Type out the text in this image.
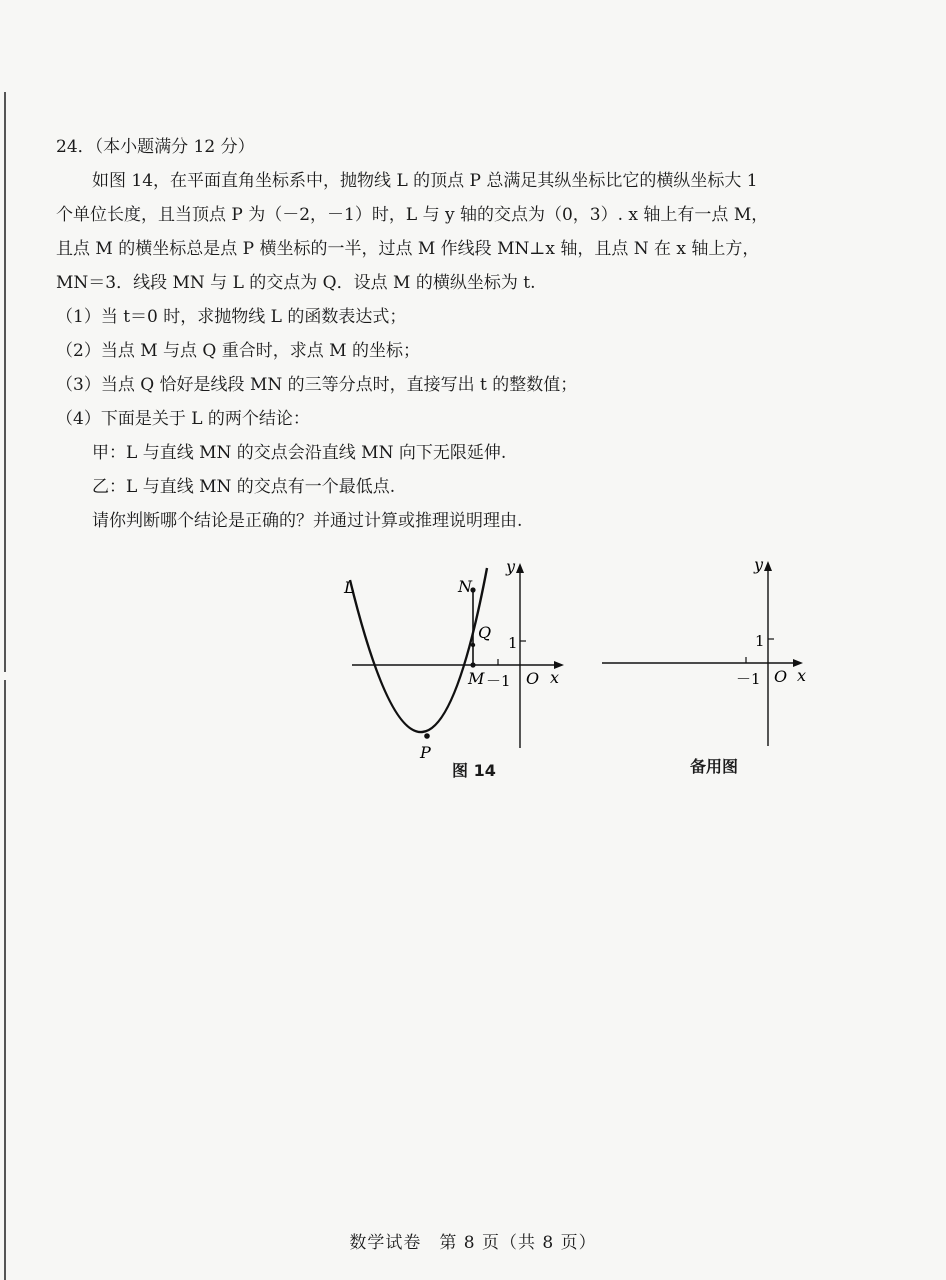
24．（本小题满分 12 分）
如图 14，在平面直角坐标系中，抛物线 L 的顶点 P 总满足其纵坐标比它的横纵坐标大 1
个单位长度，且当顶点 P 为（－2，－1）时，L 与 y 轴的交点为（0，3）. x 轴上有一点 M，
且点 M 的横坐标总是点 P 横坐标的一半，过点 M 作线段 MN⊥x 轴，且点 N 在 x 轴上方，
MN＝3．线段 MN 与 L 的交点为 Q．设点 M 的横纵坐标为 t.
（1）当 t＝0 时，求抛物线 L 的函数表达式；
（2）当点 M 与点 Q 重合时，求点 M 的坐标；
（3）当点 Q 恰好是线段 MN 的三等分点时，直接写出 t 的整数值；
（4）下面是关于 L 的两个结论：
甲：L 与直线 MN 的交点会沿直线 MN 向下无限延伸.
乙：L 与直线 MN 的交点有一个最低点.
请你判断哪个结论是正确的？并通过计算或推理说明理由.
L	N
Q
M －1
1
O x
y
P
图 14
－1
1
O x
y
备用图
数学试卷　第 8 页（共 8 页）
